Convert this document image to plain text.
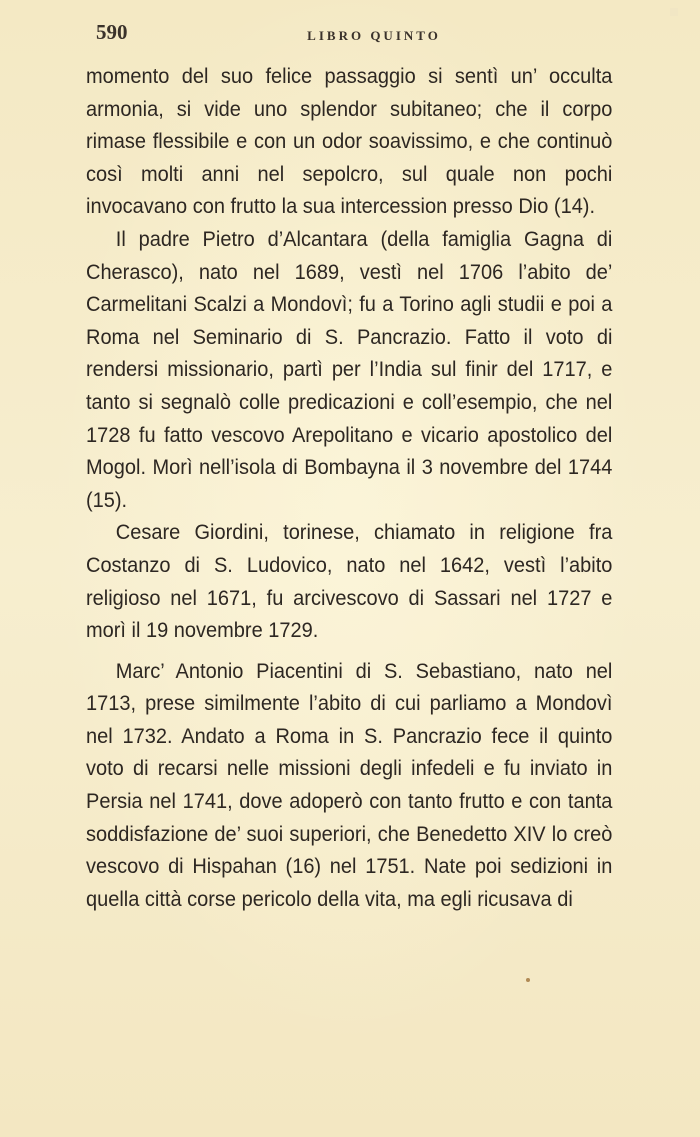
590	LIBRO QUINTO

momento del suo felice passaggio si sentì un’ occulta armonia, si vide uno splendor subitaneo; che il corpo rimase flessibile e con un odor soavissimo, e che continuò così molti anni nel sepolcro, sul quale non pochi invocavano con frutto la sua intercession presso Dio (14).

Il padre Pietro d’Alcantara (della famiglia Gagna di Cherasco), nato nel 1689, vestì nel 1706 l’abito de’ Carmelitani Scalzi a Mondovì; fu a Torino agli studii e poi a Roma nel Seminario di S. Pancrazio. Fatto il voto di rendersi missionario, partì per l’India sul finir del 1717, e tanto si segnalò colle predicazioni e coll’esempio, che nel 1728 fu fatto vescovo Arepolitano e vicario apostolico del Mogol. Morì nell’isola di Bombayna il 3 novembre del 1744 (15).

Cesare Giordini, torinese, chiamato in religione fra Costanzo di S. Ludovico, nato nel 1642, vestì l’abito religioso nel 1671, fu arcivescovo di Sassari nel 1727 e morì il 19 novembre 1729.

Marc’ Antonio Piacentini di S. Sebastiano, nato nel 1713, prese similmente l’abito di cui parliamo a Mondovì nel 1732. Andato a Roma in S. Pancrazio fece il quinto voto di recarsi nelle missioni degli infedeli e fu inviato in Persia nel 1741, dove adoperò con tanto frutto e con tanta soddisfazione de’ suoi superiori, che Benedetto XIV lo creò vescovo di Hispahan (16) nel 1751. Nate poi sedizioni in quella città corse pericolo della vita, ma egli ricusava di
